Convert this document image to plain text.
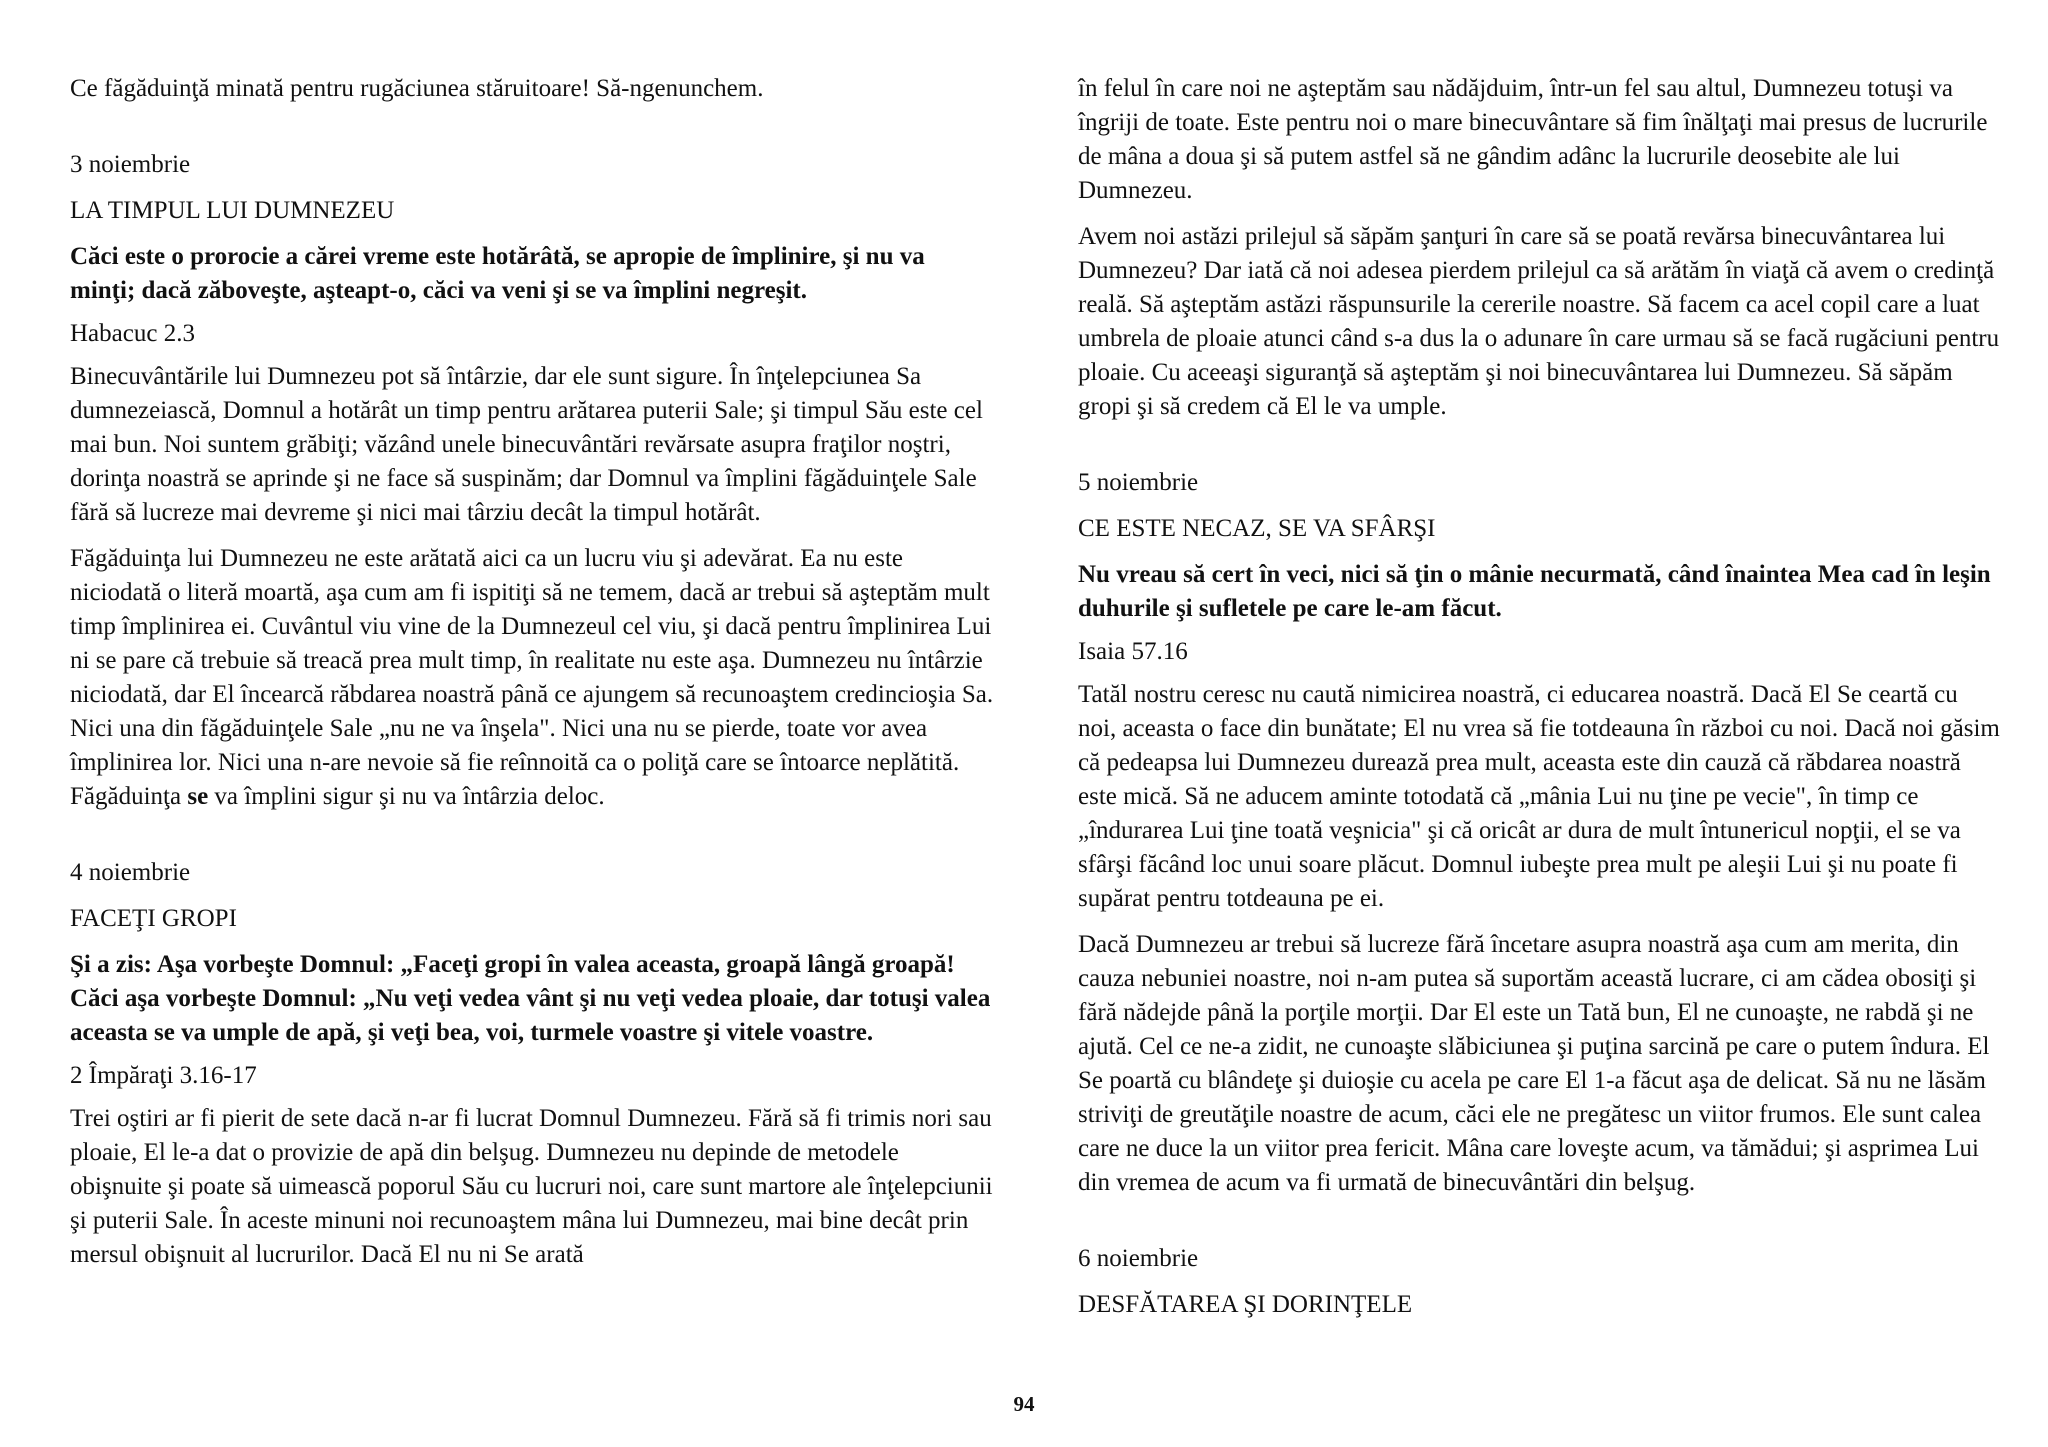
Ce făgăduinţă minată pentru rugăciunea stăruitoare! Să-ngenunchem.

3 noiembrie

LA TIMPUL LUI DUMNEZEU

Căci este o prorocie a cărei vreme este hotărâtă, se apropie de împlinire, şi nu va minţi; dacă zăboveşte, aşteapt-o, căci va veni şi se va împlini negreşit.

Habacuc 2.3

Binecuvântările lui Dumnezeu pot să întârzie, dar ele sunt sigure. În înţelepciunea Sa dumnezeiască, Domnul a hotărât un timp pentru arătarea puterii Sale; şi timpul Său este cel mai bun. Noi suntem grăbiţi; văzând unele binecuvântări revărsate asupra fraţilor noştri, dorinţa noastră se aprinde şi ne face să suspinăm; dar Domnul va împlini făgăduinţele Sale fără să lucreze mai devreme şi nici mai târziu decât la timpul hotărât.

Făgăduinţa lui Dumnezeu ne este arătată aici ca un lucru viu şi adevărat. Ea nu este niciodată o literă moartă, aşa cum am fi ispitiţi să ne temem, dacă ar trebui să aşteptăm mult timp împlinirea ei. Cuvântul viu vine de la Dumnezeul cel viu, şi dacă pentru împlinirea Lui ni se pare că trebuie să treacă prea mult timp, în realitate nu este aşa. Dumnezeu nu întârzie niciodată, dar El încearcă răbdarea noastră până ce ajungem să recunoaştem credincioşia Sa. Nici una din făgăduinţele Sale „nu ne va înşela". Nici una nu se pierde, toate vor avea împlinirea lor. Nici una n-are nevoie să fie reînnoită ca o poliţă care se întoarce neplătită. Făgăduinţa se va împlini sigur şi nu va întârzia deloc.

4 noiembrie

FACEŢI GROPI

Şi a zis: Aşa vorbeşte Domnul: „Faceţi gropi în valea aceasta, groapă lângă groapă! Căci aşa vorbeşte Domnul: „Nu veţi vedea vânt şi nu veţi vedea ploaie, dar totuşi valea aceasta se va umple de apă, şi veţi bea, voi, turmele voastre şi vitele voastre.

2 Împăraţi 3.16-17

Trei oştiri ar fi pierit de sete dacă n-ar fi lucrat Domnul Dumnezeu. Fără să fi trimis nori sau ploaie, El le-a dat o provizie de apă din belşug. Dumnezeu nu depinde de metodele obişnuite şi poate să uimească poporul Său cu lucruri noi, care sunt martore ale înţelepciunii şi puterii Sale. În aceste minuni noi recunoaştem mâna lui Dumnezeu, mai bine decât prin mersul obişnuit al lucrurilor. Dacă El nu ni Se arată

în felul în care noi ne aşteptăm sau nădăjduim, într-un fel sau altul, Dumnezeu totuşi va îngriji de toate. Este pentru noi o mare binecuvântare să fim înălţaţi mai presus de lucrurile de mâna a doua şi să putem astfel să ne gândim adânc la lucrurile deosebite ale lui Dumnezeu.

Avem noi astăzi prilejul să săpăm şanţuri în care să se poată revărsa binecuvântarea lui Dumnezeu? Dar iată că noi adesea pierdem prilejul ca să arătăm în viaţă că avem o credinţă reală. Să aşteptăm astăzi răspunsurile la cererile noastre. Să facem ca acel copil care a luat umbrela de ploaie atunci când s-a dus la o adunare în care urmau să se facă rugăciuni pentru ploaie. Cu aceeaşi siguranţă să aşteptăm şi noi binecuvântarea lui Dumnezeu. Să săpăm gropi şi să credem că El le va umple.

5 noiembrie

CE ESTE NECAZ, SE VA SFÂRŞI

Nu vreau să cert în veci, nici să ţin o mânie necurmată, când înaintea Mea cad în leşin duhurile şi sufletele pe care le-am făcut.

Isaia 57.16

Tatăl nostru ceresc nu caută nimicirea noastră, ci educarea noastră. Dacă El Se ceartă cu noi, aceasta o face din bunătate; El nu vrea să fie totdeauna în război cu noi. Dacă noi găsim că pedeapsa lui Dumnezeu durează prea mult, aceasta este din cauză că răbdarea noastră este mică. Să ne aducem aminte totodată că „mânia Lui nu ţine pe vecie", în timp ce „îndurarea Lui ţine toată veşnicia" şi că oricât ar dura de mult întunericul nopţii, el se va sfârşi făcând loc unui soare plăcut. Domnul iubeşte prea mult pe aleşii Lui şi nu poate fi supărat pentru totdeauna pe ei.

Dacă Dumnezeu ar trebui să lucreze fără încetare asupra noastră aşa cum am merita, din cauza nebuniei noastre, noi n-am putea să suportăm această lucrare, ci am cădea obosiţi şi fără nădejde până la porţile morţii. Dar El este un Tată bun, El ne cunoaşte, ne rabdă şi ne ajută. Cel ce ne-a zidit, ne cunoaşte slăbiciunea şi puţina sarcină pe care o putem îndura. El Se poartă cu blândeţe şi duioşie cu acela pe care El 1-a făcut aşa de delicat. Să nu ne lăsăm striviţi de greutăţile noastre de acum, căci ele ne pregătesc un viitor frumos. Ele sunt calea care ne duce la un viitor prea fericit. Mâna care loveşte acum, va tămădui; şi asprimea Lui din vremea de acum va fi urmată de binecuvântări din belşug.

6 noiembrie

DESFĂTAREA ŞI DORINŢELE

94
